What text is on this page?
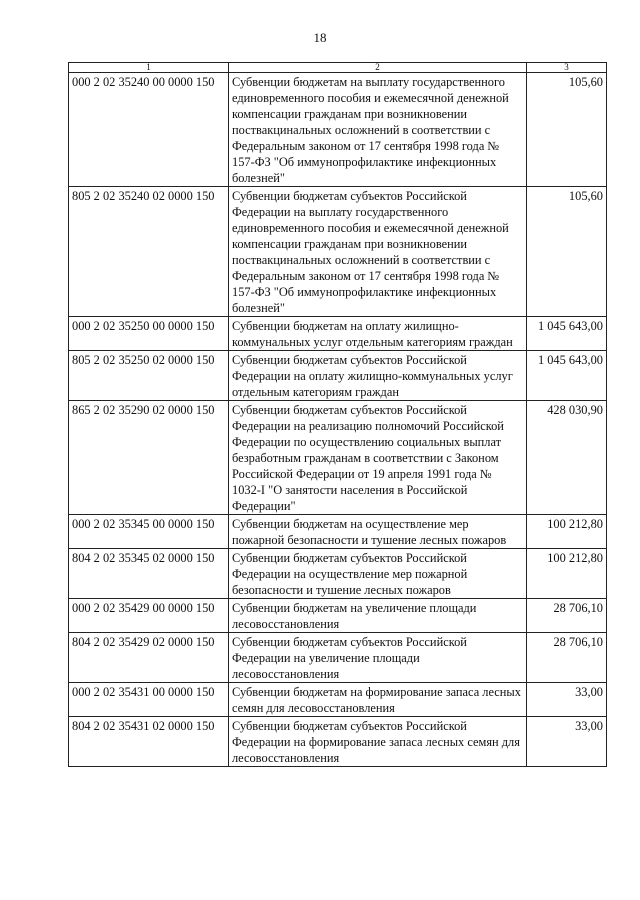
18
1	2	3
000 2 02 35240 00 0000 150	Субвенции бюджетам на выплату государственного единовременного пособия и ежемесячной денежной компенсации гражданам при возникновении поствакцинальных осложнений в соответствии с Федеральным законом от 17 сентября 1998 года № 157-ФЗ "Об иммунопрофилактике инфекционных болезней"	105,60
805 2 02 35240 02 0000 150	Субвенции бюджетам субъектов Российской Федерации на выплату государственного единовременного пособия и ежемесячной денежной компенсации гражданам при возникновении поствакцинальных осложнений в соответствии с Федеральным законом от 17 сентября 1998 года № 157-ФЗ "Об иммунопрофилактике инфекционных болезней"	105,60
000 2 02 35250 00 0000 150	Субвенции бюджетам на оплату жилищно-коммунальных услуг отдельным категориям граждан	1 045 643,00
805 2 02 35250 02 0000 150	Субвенции бюджетам субъектов Российской Федерации на оплату жилищно-коммунальных услуг отдельным категориям граждан	1 045 643,00
865 2 02 35290 02 0000 150	Субвенции бюджетам субъектов Российской Федерации на реализацию полномочий Российской Федерации по осуществлению социальных выплат безработным гражданам в соответствии с Законом Российской Федерации от 19 апреля 1991 года № 1032-I "О занятости населения в Российской Федерации"	428 030,90
000 2 02 35345 00 0000 150	Субвенции бюджетам на осуществление мер пожарной безопасности и тушение лесных пожаров	100 212,80
804 2 02 35345 02 0000 150	Субвенции бюджетам субъектов Российской Федерации на осуществление мер пожарной безопасности и тушение лесных пожаров	100 212,80
000 2 02 35429 00 0000 150	Субвенции бюджетам на увеличение площади лесовосстановления	28 706,10
804 2 02 35429 02 0000 150	Субвенции бюджетам субъектов Российской Федерации на увеличение площади лесовосстановления	28 706,10
000 2 02 35431 00 0000 150	Субвенции бюджетам на формирование запаса лесных семян для лесовосстановления	33,00
804 2 02 35431 02 0000 150	Субвенции бюджетам субъектов Российской Федерации на формирование запаса лесных семян для лесовосстановления	33,00
